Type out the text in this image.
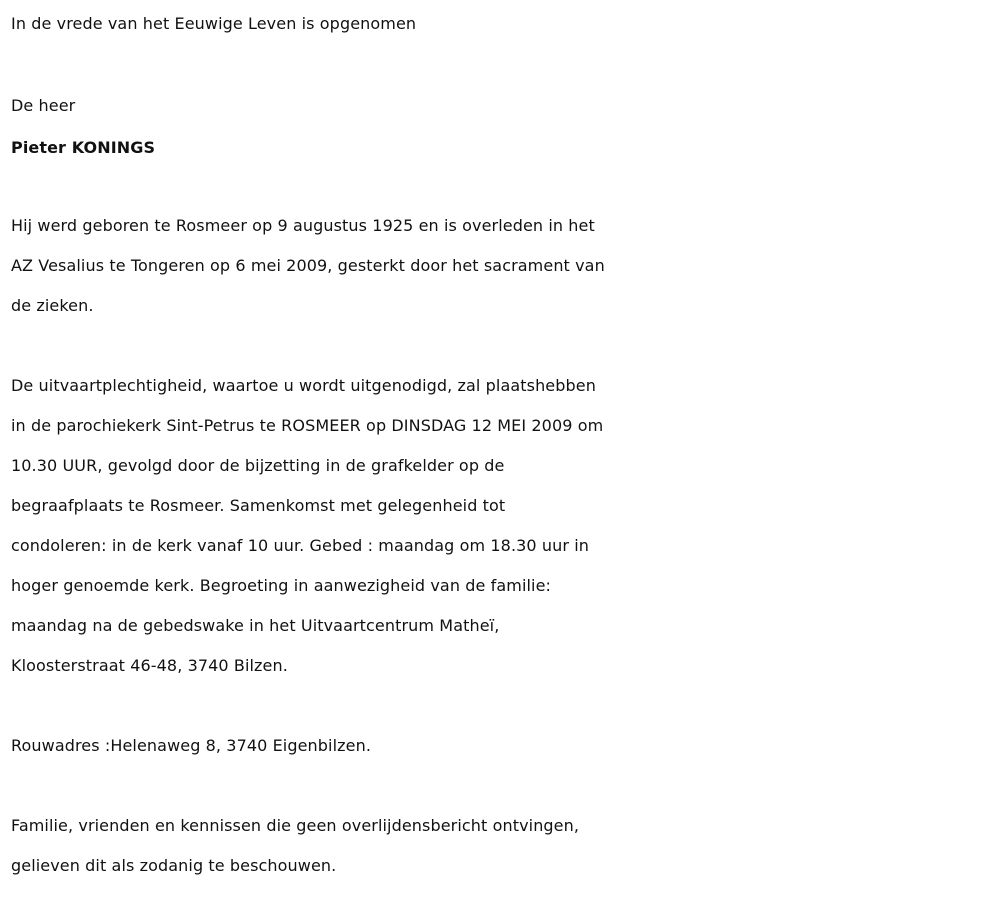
In de vrede van het Eeuwige Leven is opgenomen
De heer
Pieter KONINGS
Hij werd geboren te Rosmeer op 9 augustus 1925 en is overleden in het
AZ Vesalius te Tongeren op 6 mei 2009, gesterkt door het sacrament van
de zieken.
De uitvaartplechtigheid, waartoe u wordt uitgenodigd, zal plaatshebben
in de parochiekerk Sint-Petrus te ROSMEER op DINSDAG 12 MEI 2009 om
10.30 UUR, gevolgd door de bijzetting in de grafkelder op de
begraafplaats te Rosmeer. Samenkomst met gelegenheid tot
condoleren: in de kerk vanaf 10 uur. Gebed : maandag om 18.30 uur in
hoger genoemde kerk. Begroeting in aanwezigheid van de familie:
maandag na de gebedswake in het Uitvaartcentrum Matheï,
Kloosterstraat 46-48, 3740 Bilzen.
Rouwadres :Helenaweg 8, 3740 Eigenbilzen.
Familie, vrienden en kennissen die geen overlijdensbericht ontvingen,
gelieven dit als zodanig te beschouwen.
